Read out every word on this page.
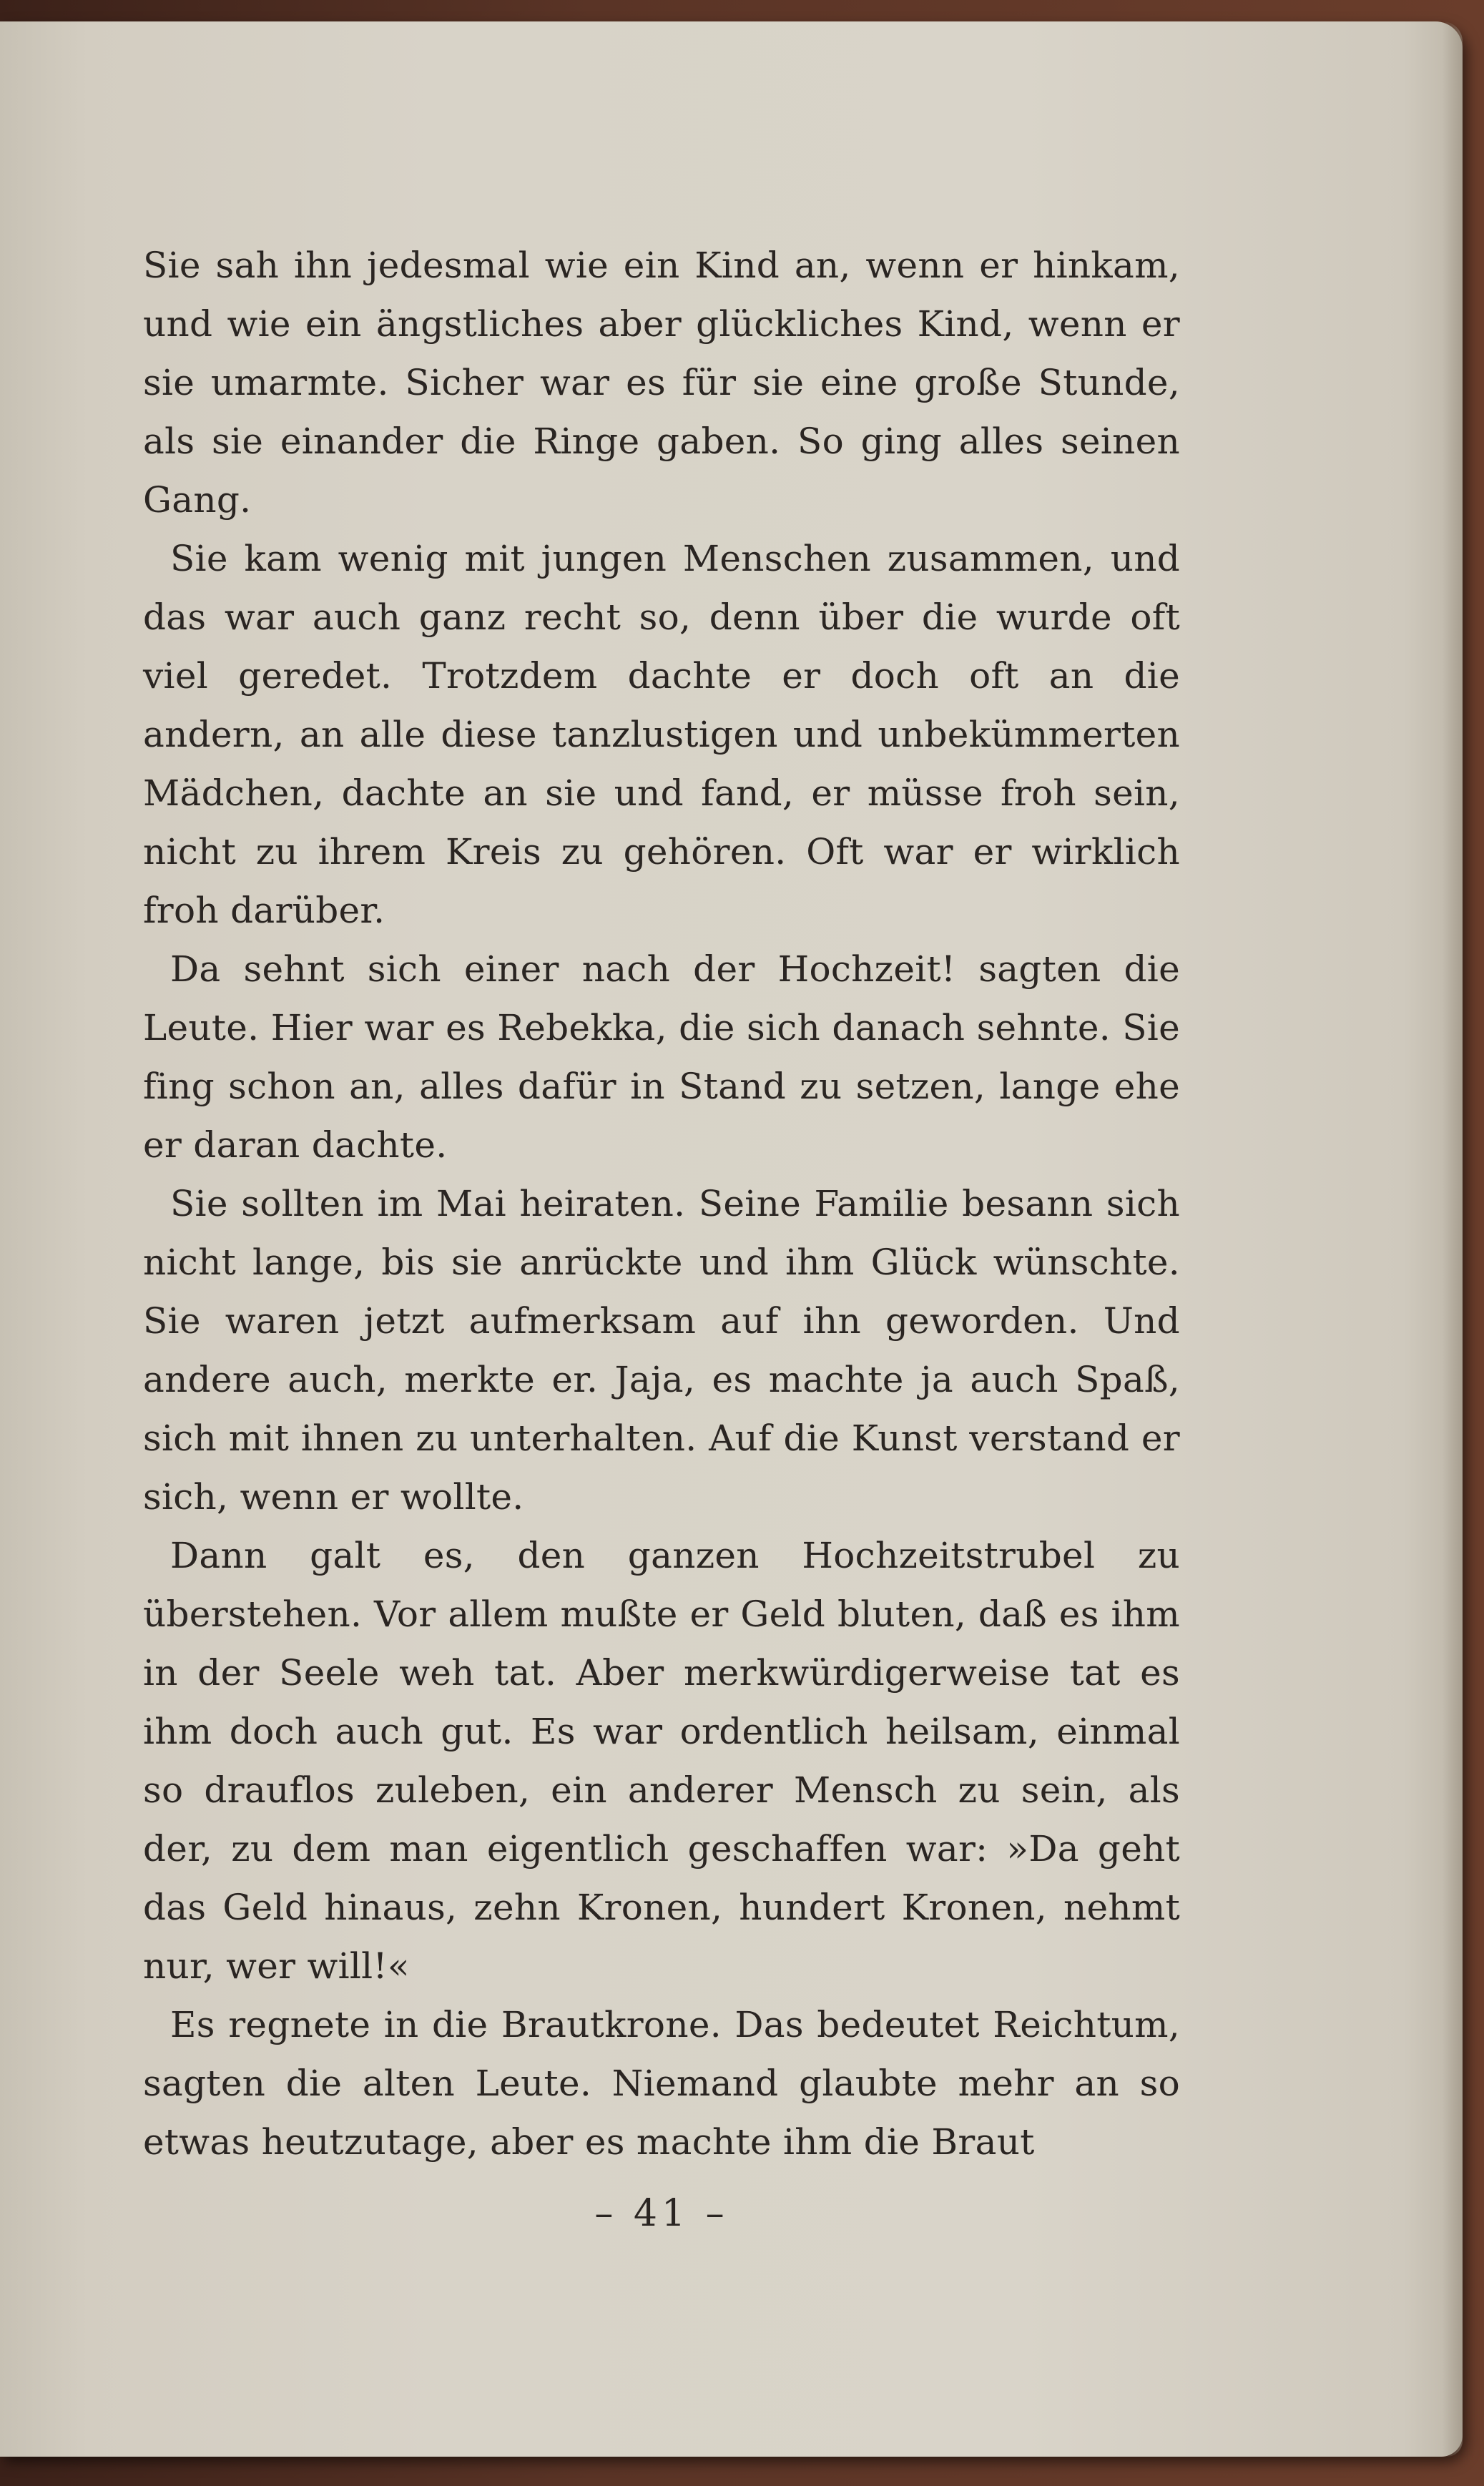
Sie sah ihn jedesmal wie ein Kind an, wenn er hinkam, und wie ein ängstliches aber glückliches Kind, wenn er sie umarmte. Sicher war es für sie eine große Stunde, als sie einander die Ringe gaben. So ging alles seinen Gang.

Sie kam wenig mit jungen Menschen zusammen, und das war auch ganz recht so, denn über die wurde oft viel geredet. Trotzdem dachte er doch oft an die andern, an alle diese tanzlustigen und unbekümmerten Mädchen, dachte an sie und fand, er müsse froh sein, nicht zu ihrem Kreis zu gehören. Oft war er wirklich froh darüber.

Da sehnt sich einer nach der Hochzeit! sagten die Leute. Hier war es Rebekka, die sich danach sehnte. Sie fing schon an, alles dafür in Stand zu setzen, lange ehe er daran dachte.

Sie sollten im Mai heiraten. Seine Familie besann sich nicht lange, bis sie anrückte und ihm Glück wünschte. Sie waren jetzt aufmerksam auf ihn geworden. Und andere auch, merkte er. Jaja, es machte ja auch Spaß, sich mit ihnen zu unterhalten. Auf die Kunst verstand er sich, wenn er wollte.

Dann galt es, den ganzen Hochzeitstrubel zu überstehen. Vor allem mußte er Geld bluten, daß es ihm in der Seele weh tat. Aber merkwürdigerweise tat es ihm doch auch gut. Es war ordentlich heilsam, einmal so drauflos zuleben, ein anderer Mensch zu sein, als der, zu dem man eigentlich geschaffen war: »Da geht das Geld hinaus, zehn Kronen, hundert Kronen, nehmt nur, wer will!«

Es regnete in die Brautkrone. Das bedeutet Reichtum, sagten die alten Leute. Niemand glaubte mehr an so etwas heutzutage, aber es machte ihm die Braut

– 41 –
